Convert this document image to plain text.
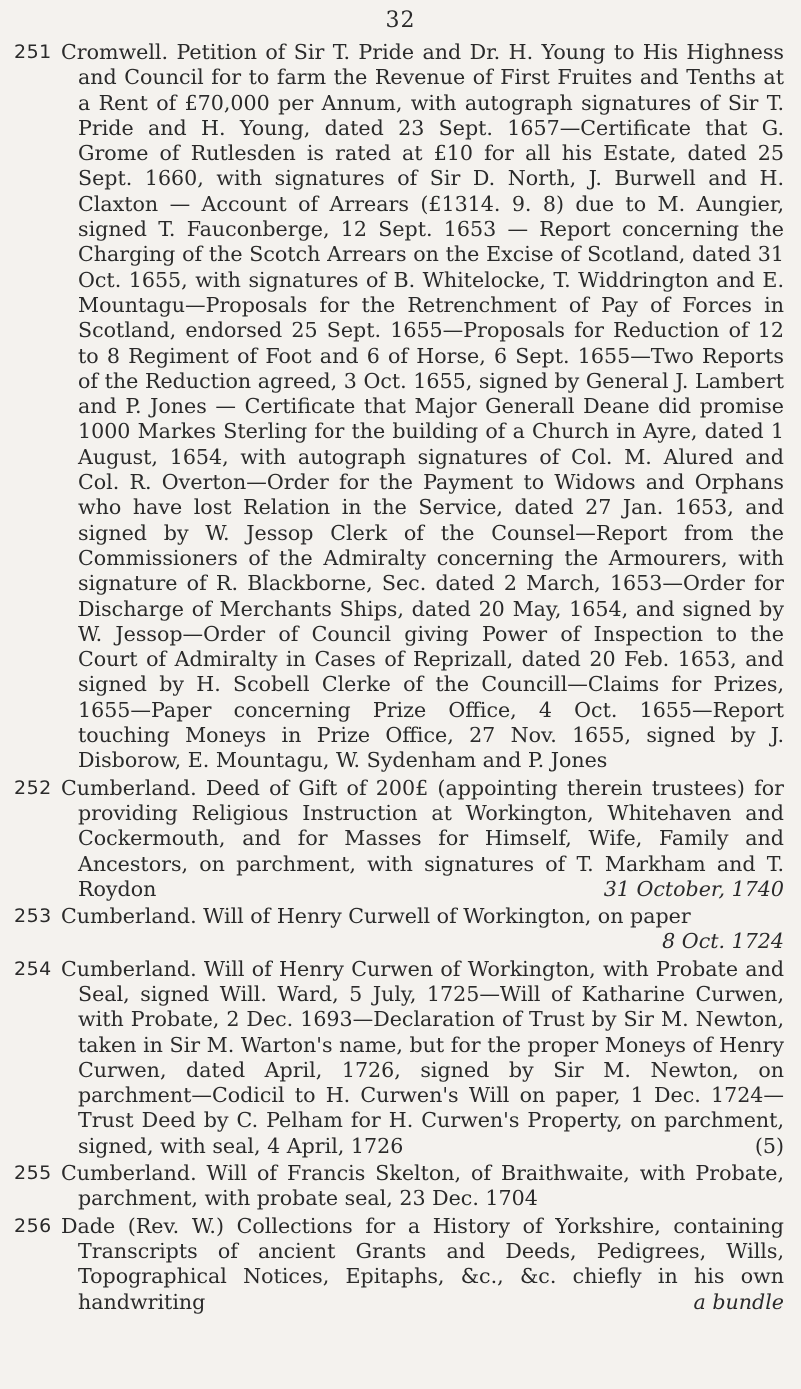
32
251 Cromwell. Petition of Sir T. Pride and Dr. H. Young to His Highness and Council for to farm the Revenue of First Fruites and Tenths at a Rent of £70,000 per Annum, with autograph signatures of Sir T. Pride and H. Young, dated 23 Sept. 1657—Certificate that G. Grome of Rutlesden is rated at £10 for all his Estate, dated 25 Sept. 1660, with signatures of Sir D. North, J. Burwell and H. Claxton — Account of Arrears (£1314. 9. 8) due to M. Aungier, signed T. Fauconberge, 12 Sept. 1653 — Report concerning the Charging of the Scotch Arrears on the Excise of Scotland, dated 31 Oct. 1655, with signatures of B. Whitelocke, T. Widdrington and E. Mountagu—Proposals for the Retrenchment of Pay of Forces in Scotland, endorsed 25 Sept. 1655—Proposals for Reduction of 12 to 8 Regiment of Foot and 6 of Horse, 6 Sept. 1655—Two Reports of the Reduction agreed, 3 Oct. 1655, signed by General J. Lambert and P. Jones — Certificate that Major Generall Deane did promise 1000 Markes Sterling for the building of a Church in Ayre, dated 1 August, 1654, with autograph signatures of Col. M. Alured and Col. R. Overton—Order for the Payment to Widows and Orphans who have lost Relation in the Service, dated 27 Jan. 1653, and signed by W. Jessop Clerk of the Counsel—Report from the Commissioners of the Admiralty concerning the Armourers, with signature of R. Blackborne, Sec. dated 2 March, 1653—Order for Discharge of Merchants Ships, dated 20 May, 1654, and signed by W. Jessop—Order of Council giving Power of Inspection to the Court of Admiralty in Cases of Reprizall, dated 20 Feb. 1653, and signed by H. Scobell Clerke of the Councill—Claims for Prizes, 1655—Paper concerning Prize Office, 4 Oct. 1655—Report touching Moneys in Prize Office, 27 Nov. 1655, signed by J. Disborow, E. Mountagu, W. Sydenham and P. Jones
252 Cumberland. Deed of Gift of 200£ (appointing therein trustees) for providing Religious Instruction at Workington, Whitehaven and Cockermouth, and for Masses for Himself, Wife, Family and Ancestors, on parchment, with signatures of T. Markham and T. Roydon	31 October, 1740
253 Cumberland. Will of Henry Curwell of Workington, on paper

8 Oct. 1724

254 Cumberland. Will of Henry Curwen of Workington, with Probate and Seal, signed Will. Ward, 5 July, 1725—Will of Katharine Curwen, with Probate, 2 Dec. 1693—Declaration of Trust by Sir M. Newton, taken in Sir M. Warton's name, but for the proper Moneys of Henry Curwen, dated April, 1726, signed by Sir M. Newton, on parchment—Codicil to H. Curwen's Will on paper, 1 Dec. 1724—Trust Deed by C. Pelham for H. Curwen's Property, on parchment, signed, with seal, 4 April, 1726	(5)
255 Cumberland. Will of Francis Skelton, of Braithwaite, with Probate, parchment, with probate seal, 23 Dec. 1704
256 Dade (Rev. W.) Collections for a History of Yorkshire, containing Transcripts of ancient Grants and Deeds, Pedigrees, Wills, Topographical Notices, Epitaphs, &c., &c. chiefly in his own handwriting	a bundle
